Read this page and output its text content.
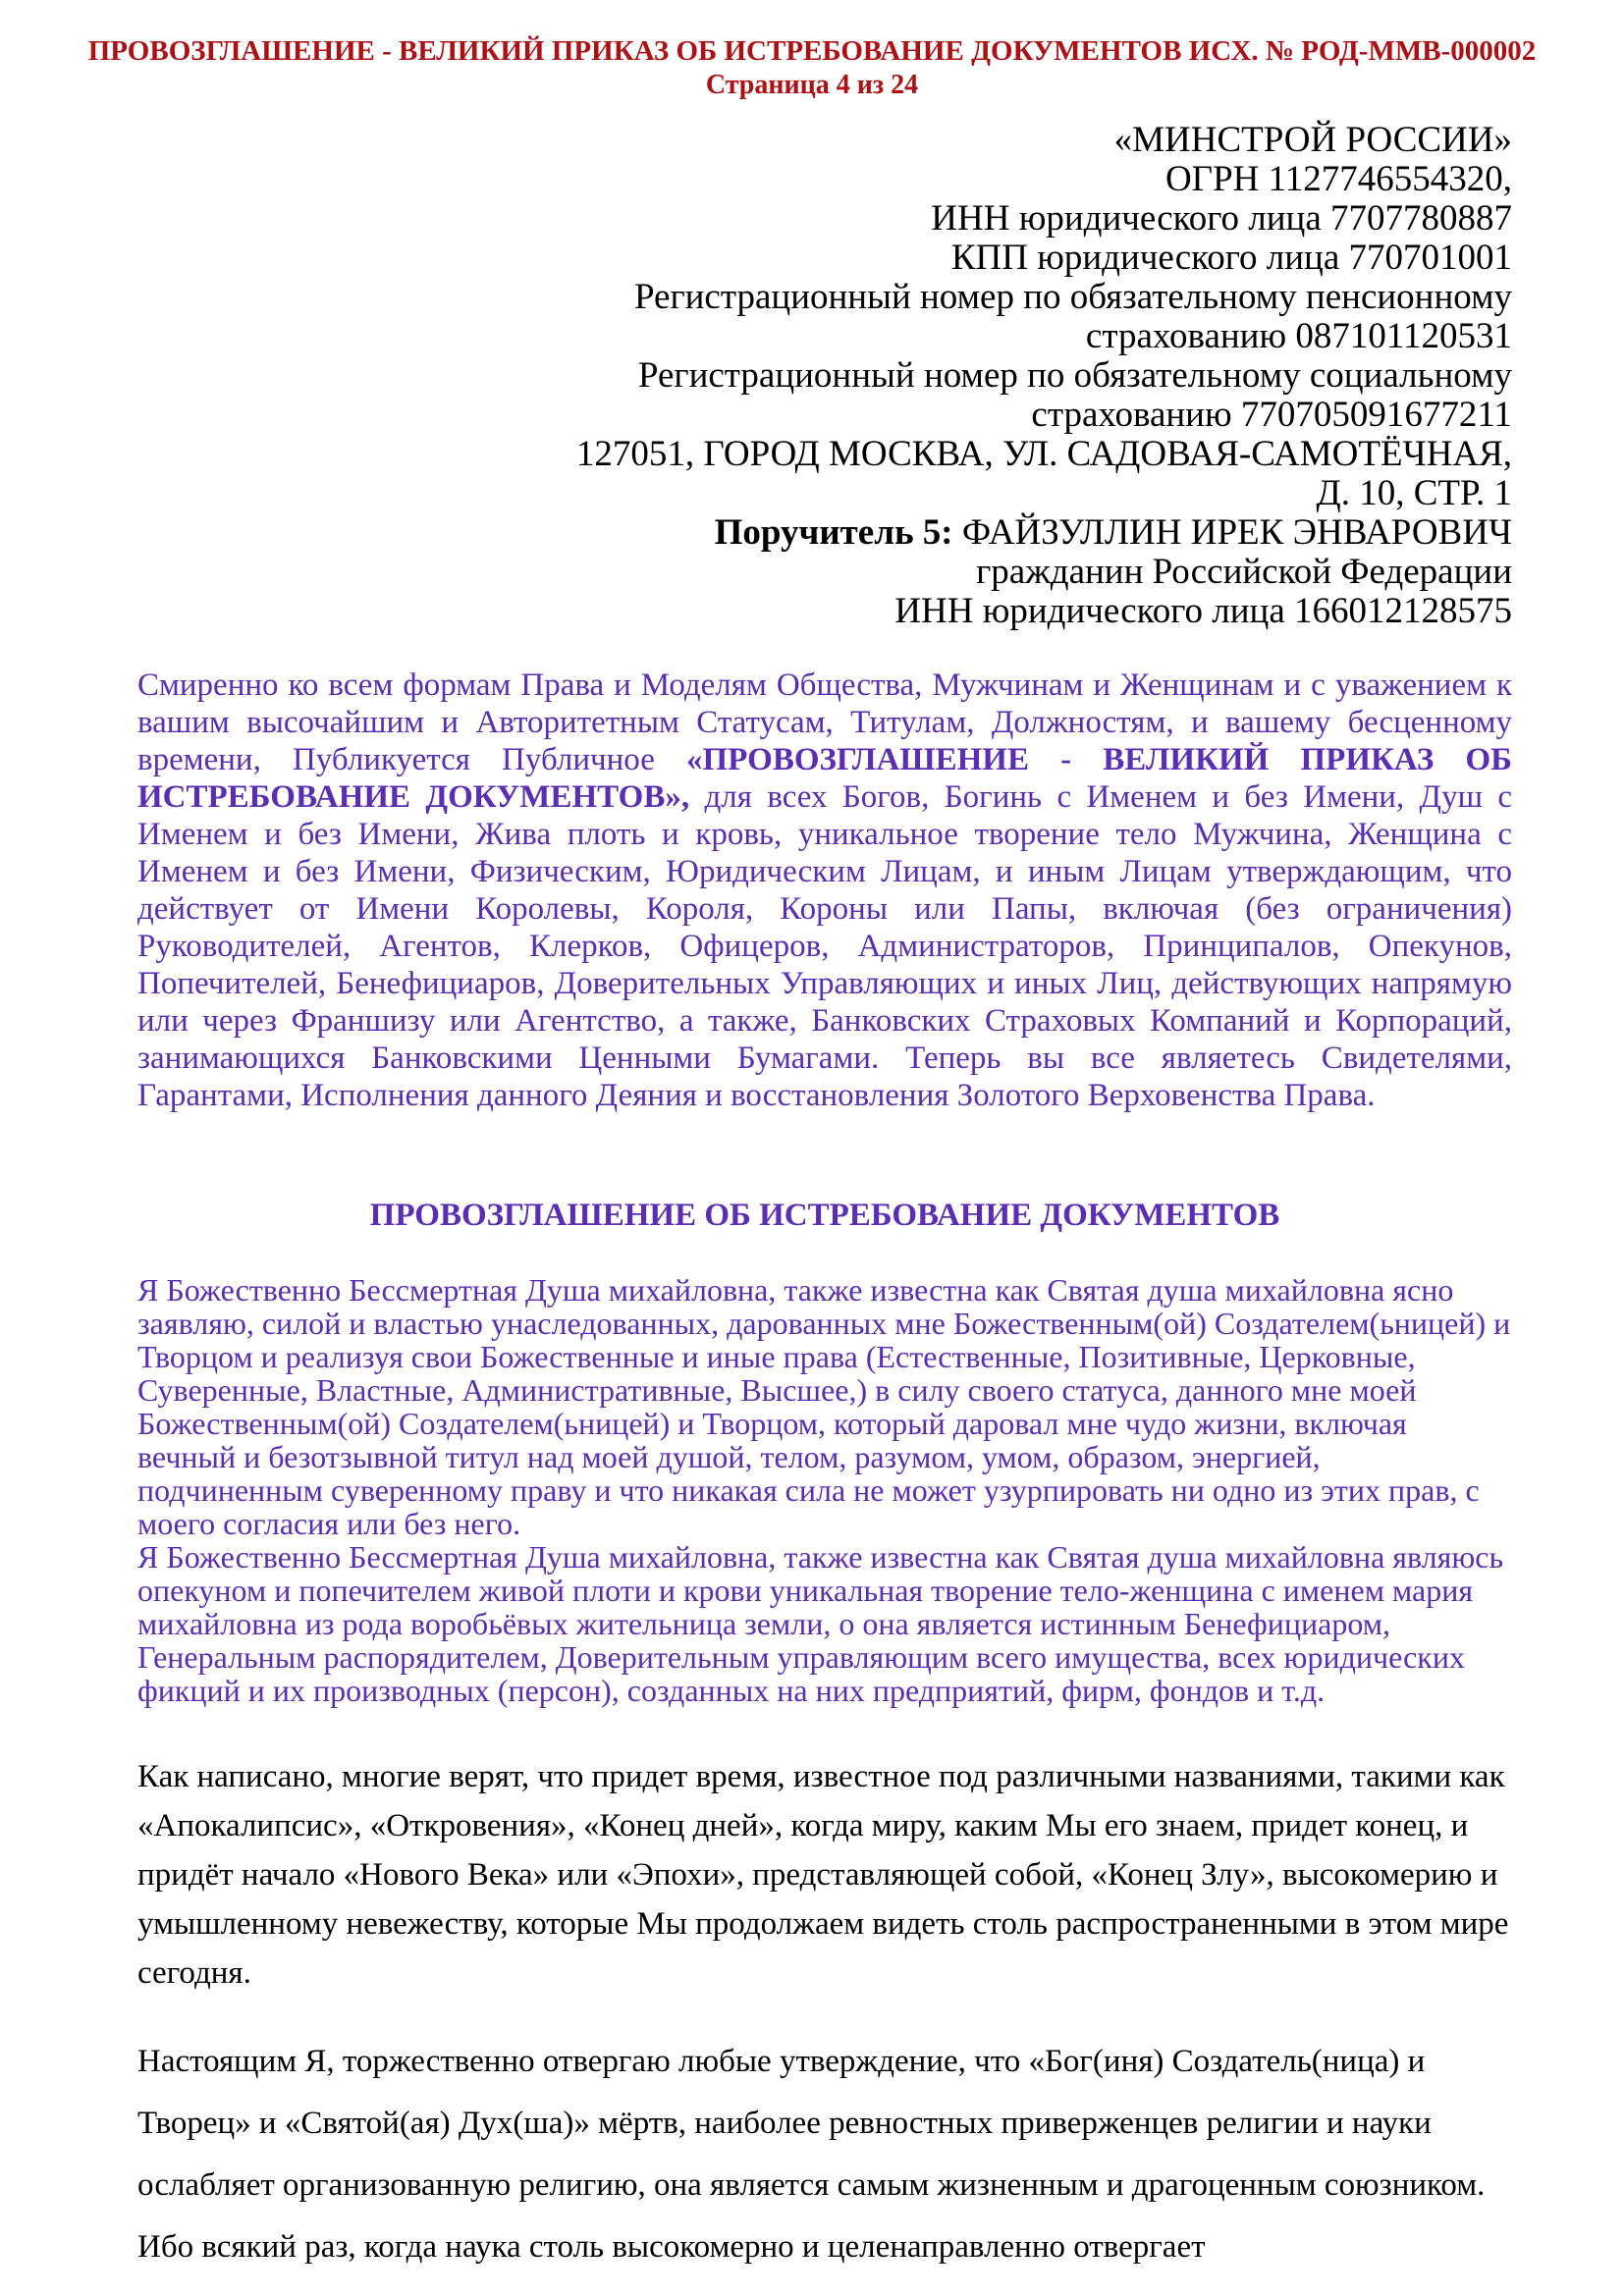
ПРОВОЗГЛАШЕНИЕ - ВЕЛИКИЙ ПРИКАЗ ОБ ИСТРЕБОВАНИЕ ДОКУМЕНТОВ ИСХ. № РОД-ММВ-000002
Страница 4 из 24
«МИНСТРОЙ РОССИИ»
ОГРН 1127746554320,
ИНН юридического лица 7707780887
КПП юридического лица 770701001
Регистрационный номер по обязательному пенсионному
страхованию 087101120531
Регистрационный номер по обязательному социальному
страхованию 770705091677211
127051, ГОРОД МОСКВА, УЛ. САДОВАЯ-САМОТЁЧНАЯ,
Д. 10, СТР. 1
Поручитель 5: ФАЙЗУЛЛИН ИРЕК ЭНВАРОВИЧ
гражданин Российской Федерации
ИНН юридического лица 166012128575
Смиренно ко всем формам Права и Моделям Общества, Мужчинам и Женщинам и с уважением к вашим высочайшим и Авторитетным Статусам, Титулам, Должностям, и вашему бесценному времени, Публикуется Публичное «ПРОВОЗГЛАШЕНИЕ - ВЕЛИКИЙ ПРИКАЗ ОБ ИСТРЕБОВАНИЕ ДОКУМЕНТОВ», для всех Богов, Богинь с Именем и без Имени, Душ с Именем и без Имени, Жива плоть и кровь, уникальное творение тело Мужчина, Женщина с Именем и без Имени, Физическим, Юридическим Лицам, и иным Лицам утверждающим, что действует от Имени Королевы, Короля, Короны или Папы, включая (без ограничения) Руководителей, Агентов, Клерков, Офицеров, Администраторов, Принципалов, Опекунов, Попечителей, Бенефициаров, Доверительных Управляющих и иных Лиц, действующих напрямую или через Франшизу или Агентство, а также, Банковских Страховых Компаний и Корпораций, занимающихся Банковскими Ценными Бумагами. Теперь вы все являетесь Свидетелями, Гарантами, Исполнения данного Деяния и восстановления Золотого Верховенства Права.
ПРОВОЗГЛАШЕНИЕ ОБ ИСТРЕБОВАНИЕ ДОКУМЕНТОВ
Я Божественно Бессмертная Душа михайловна, также известна как Святая душа михайловна ясно заявляю, силой и властью унаследованных, дарованных мне Божественным(ой) Создателем(ьницей) и Творцом и реализуя свои Божественные и иные права (Естественные, Позитивные, Церковные, Суверенные, Властные, Административные, Высшее,) в силу своего статуса, данного мне моей Божественным(ой) Создателем(ьницей) и Творцом, который даровал мне чудо жизни, включая вечный и безотзывной титул над моей душой, телом, разумом, умом, образом, энергией, подчиненным суверенному праву и что никакая сила не может узурпировать ни одно из этих прав, с моего согласия или без него.
Я Божественно Бессмертная Душа михайловна, также известна как Святая душа михайловна являюсь опекуном и попечителем живой плоти и крови уникальная творение тело-женщина с именем мария михайловна из рода воробьёвых жительница земли, о она является истинным Бенефициаром, Генеральным распорядителем, Доверительным управляющим всего имущества, всех юридических фикций и их производных (персон), созданных на них предприятий, фирм, фондов и т.д.
Как написано, многие верят, что придет время, известное под различными названиями, такими как «Апокалипсис», «Откровения», «Конец дней», когда миру, каким Мы его знаем, придет конец, и придёт начало «Нового Века» или «Эпохи», представляющей собой, «Конец Злу», высокомерию и умышленному невежеству, которые Мы продолжаем видеть столь распространенными в этом мире сегодня.
Настоящим Я, торжественно отвергаю любые утверждение, что «Бог(иня) Создатель(ница) и Творец» и «Святой(ая) Дух(ша)» мёртв, наиболее ревностных приверженцев религии и науки ослабляет организованную религию, она является самым жизненным и драгоценным союзником. Ибо всякий раз, когда наука столь высокомерно и целенаправленно отвергает
